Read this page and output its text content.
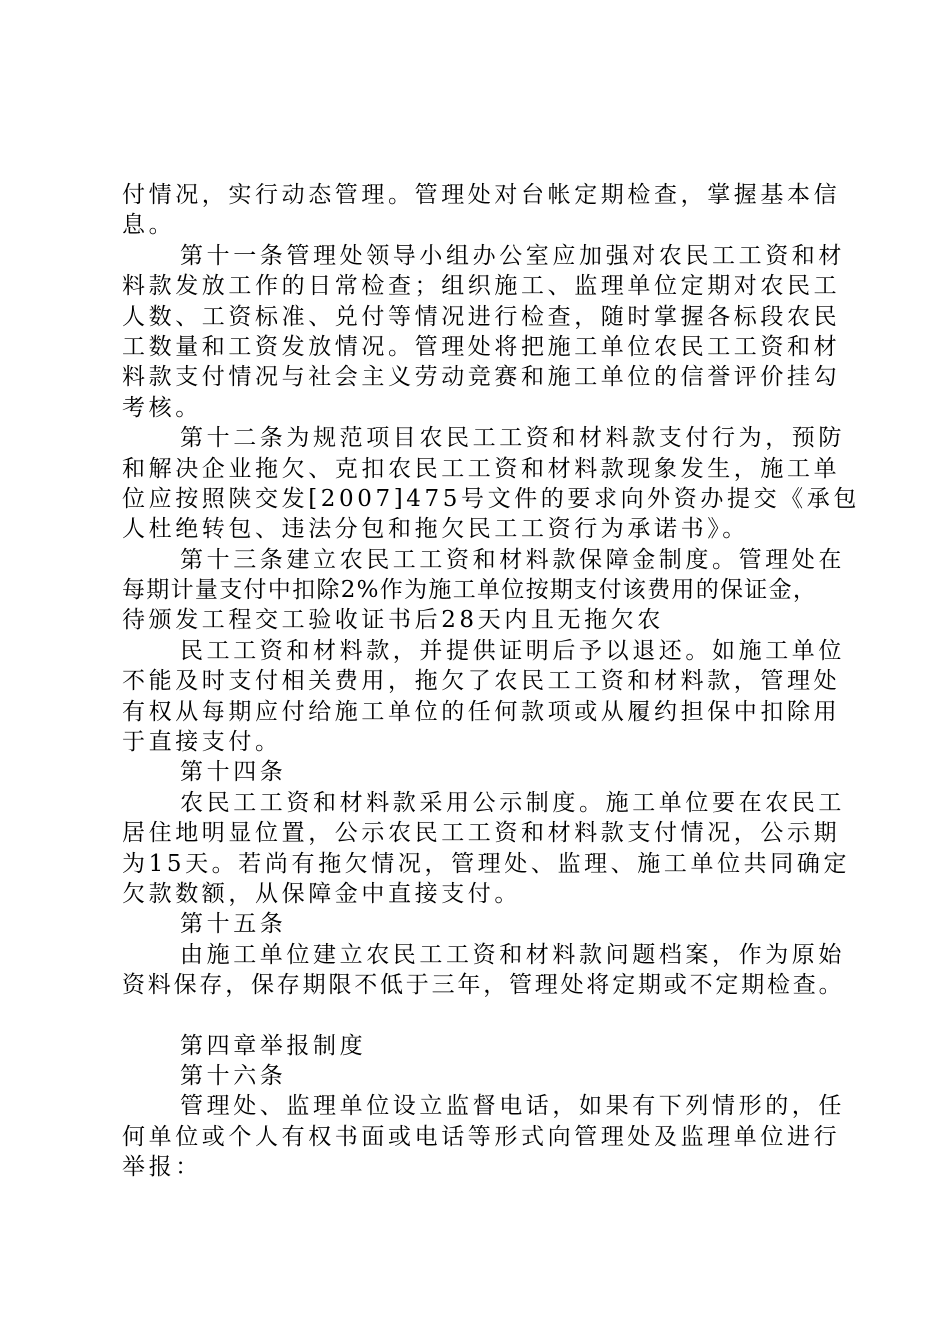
付情况，实行动态管理。管理处对台帐定期检查，掌握基本信
息。
第十一条管理处领导小组办公室应加强对农民工工资和材
料款发放工作的日常检查；组织施工、监理单位定期对农民工
人数、工资标准、兑付等情况进行检查，随时掌握各标段农民
工数量和工资发放情况。管理处将把施工单位农民工工资和材
料款支付情况与社会主义劳动竞赛和施工单位的信誉评价挂勾
考核。
第十二条为规范项目农民工工资和材料款支付行为，预防
和解决企业拖欠、克扣农民工工资和材料款现象发生，施工单
位应按照陕交发[2007]475号文件的要求向外资办提交《承包
人杜绝转包、违法分包和拖欠民工工资行为承诺书》。
第十三条建立农民工工资和材料款保障金制度。管理处在
每期计量支付中扣除2%作为施工单位按期支付该费用的保证金，
待颁发工程交工验收证书后28天内且无拖欠农
民工工资和材料款，并提供证明后予以退还。如施工单位
不能及时支付相关费用，拖欠了农民工工资和材料款，管理处
有权从每期应付给施工单位的任何款项或从履约担保中扣除用
于直接支付。
第十四条
农民工工资和材料款采用公示制度。施工单位要在农民工
居住地明显位置，公示农民工工资和材料款支付情况，公示期
为15天。若尚有拖欠情况，管理处、监理、施工单位共同确定
欠款数额，从保障金中直接支付。
第十五条
由施工单位建立农民工工资和材料款问题档案，作为原始
资料保存，保存期限不低于三年，管理处将定期或不定期检查。
第四章举报制度
第十六条
管理处、监理单位设立监督电话，如果有下列情形的，任
何单位或个人有权书面或电话等形式向管理处及监理单位进行
举报：
